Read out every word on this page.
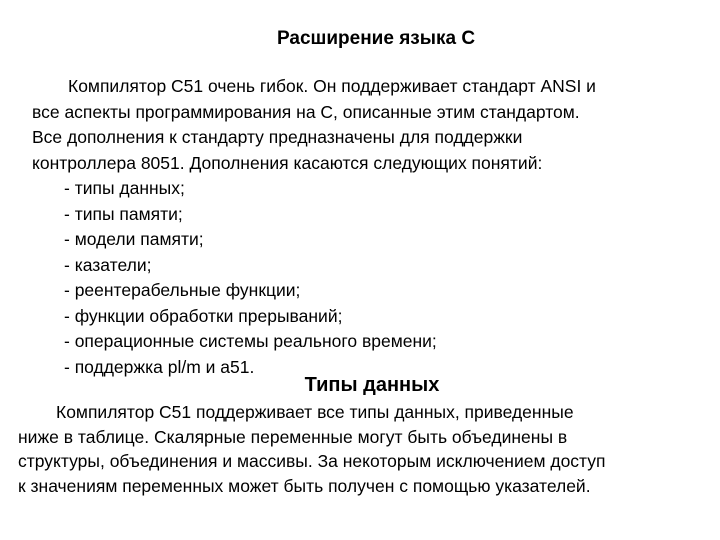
Расширение языка С
Компилятор С51 очень гибок. Он поддерживает стандарт ANSI и
все аспекты программирования на С, описанные этим стандартом.
Все дополнения к стандарту предназначены для поддержки
контроллера 8051. Дополнения касаются следующих понятий:
- типы данных;
- типы памяти;
- модели памяти;
- казатели;
- реентерабельные функции;
- функции обработки прерываний;
- операционные системы реального времени;
- поддержка pl/m и а51.
Типы данных
Компилятор С51 поддерживает все типы данных, приведенные
ниже в таблице. Скалярные переменные могут быть объединены в
структуры, объединения и массивы. За некоторым исключением доступ
к значениям переменных может быть получен с помощью указателей.
